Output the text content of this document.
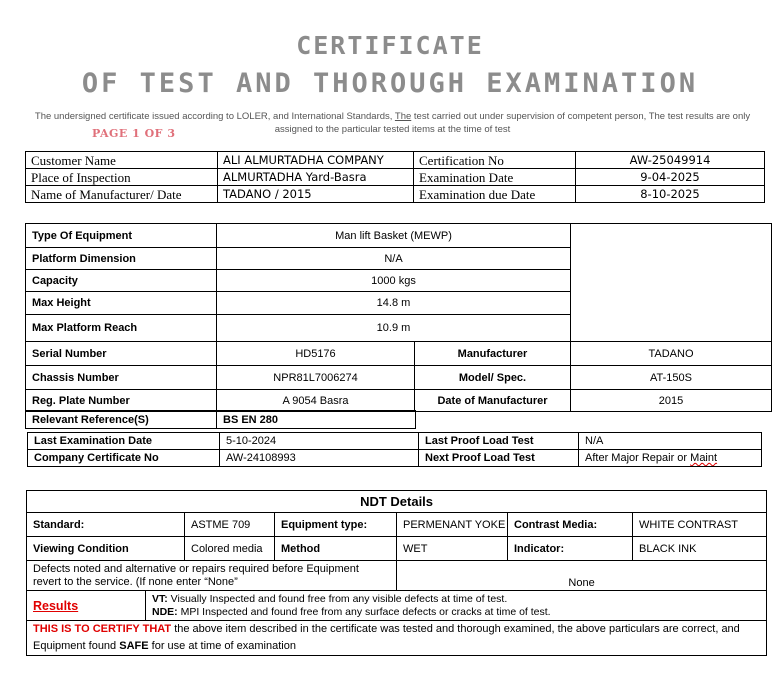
CERTIFICATE
OF TEST AND THOROUGH EXAMINATION
The undersigned certificate issued according to LOLER, and International Standards, The test carried out under supervision of competent person, The test results are only assigned to the particular tested items at the time of test
PAGE 1 OF 3
Customer Name	ALI ALMURTADHA COMPANY	Certification No	AW-25049914
Place of Inspection	ALMURTADHA Yard-Basra	Examination Date	9-04-2025
Name of Manufacturer/ Date	TADANO / 2015	Examination due Date	8-10-2025
Type Of Equipment	Man lift Basket (MEWP)		
Platform Dimension	N/A		
Capacity	1000 kgs		
Max Height	14.8 m		
Max Platform Reach	10.9 m		
Serial Number	HD5176	Manufacturer	TADANO
Chassis Number	NPR81L7006274	Model/ Spec.	AT-150S
Reg. Plate Number	A 9054 Basra	Date of Manufacturer	2015
Relevant Reference(S)	BS EN 280
Last Examination Date	5-10-2024	Last Proof Load Test	N/A
Company Certificate No	AW-24108993	Next Proof Load Test	After Major Repair or Maint
NDT Details						
Standard:		ASTME 709	Equipment type:	PERMENANT YOKE	Contrast Media:	WHITE CONTRAST
Viewing Condition		Colored media	Method	WET	Indicator:	BLACK INK
Defects noted and alternative or repairs required before Equipment revert to the service. (If none enter “None”				None		
Results	VT: Visually Inspected and found free from any visible defects at time of test.
NDE: MPI Inspected and found free from any surface defects or cracks at time of test.					

THIS IS TO CERTIFY THAT the above item described in the certificate was tested and thorough examined, the above particulars are correct, and Equipment found SAFE for use at time of examination						
